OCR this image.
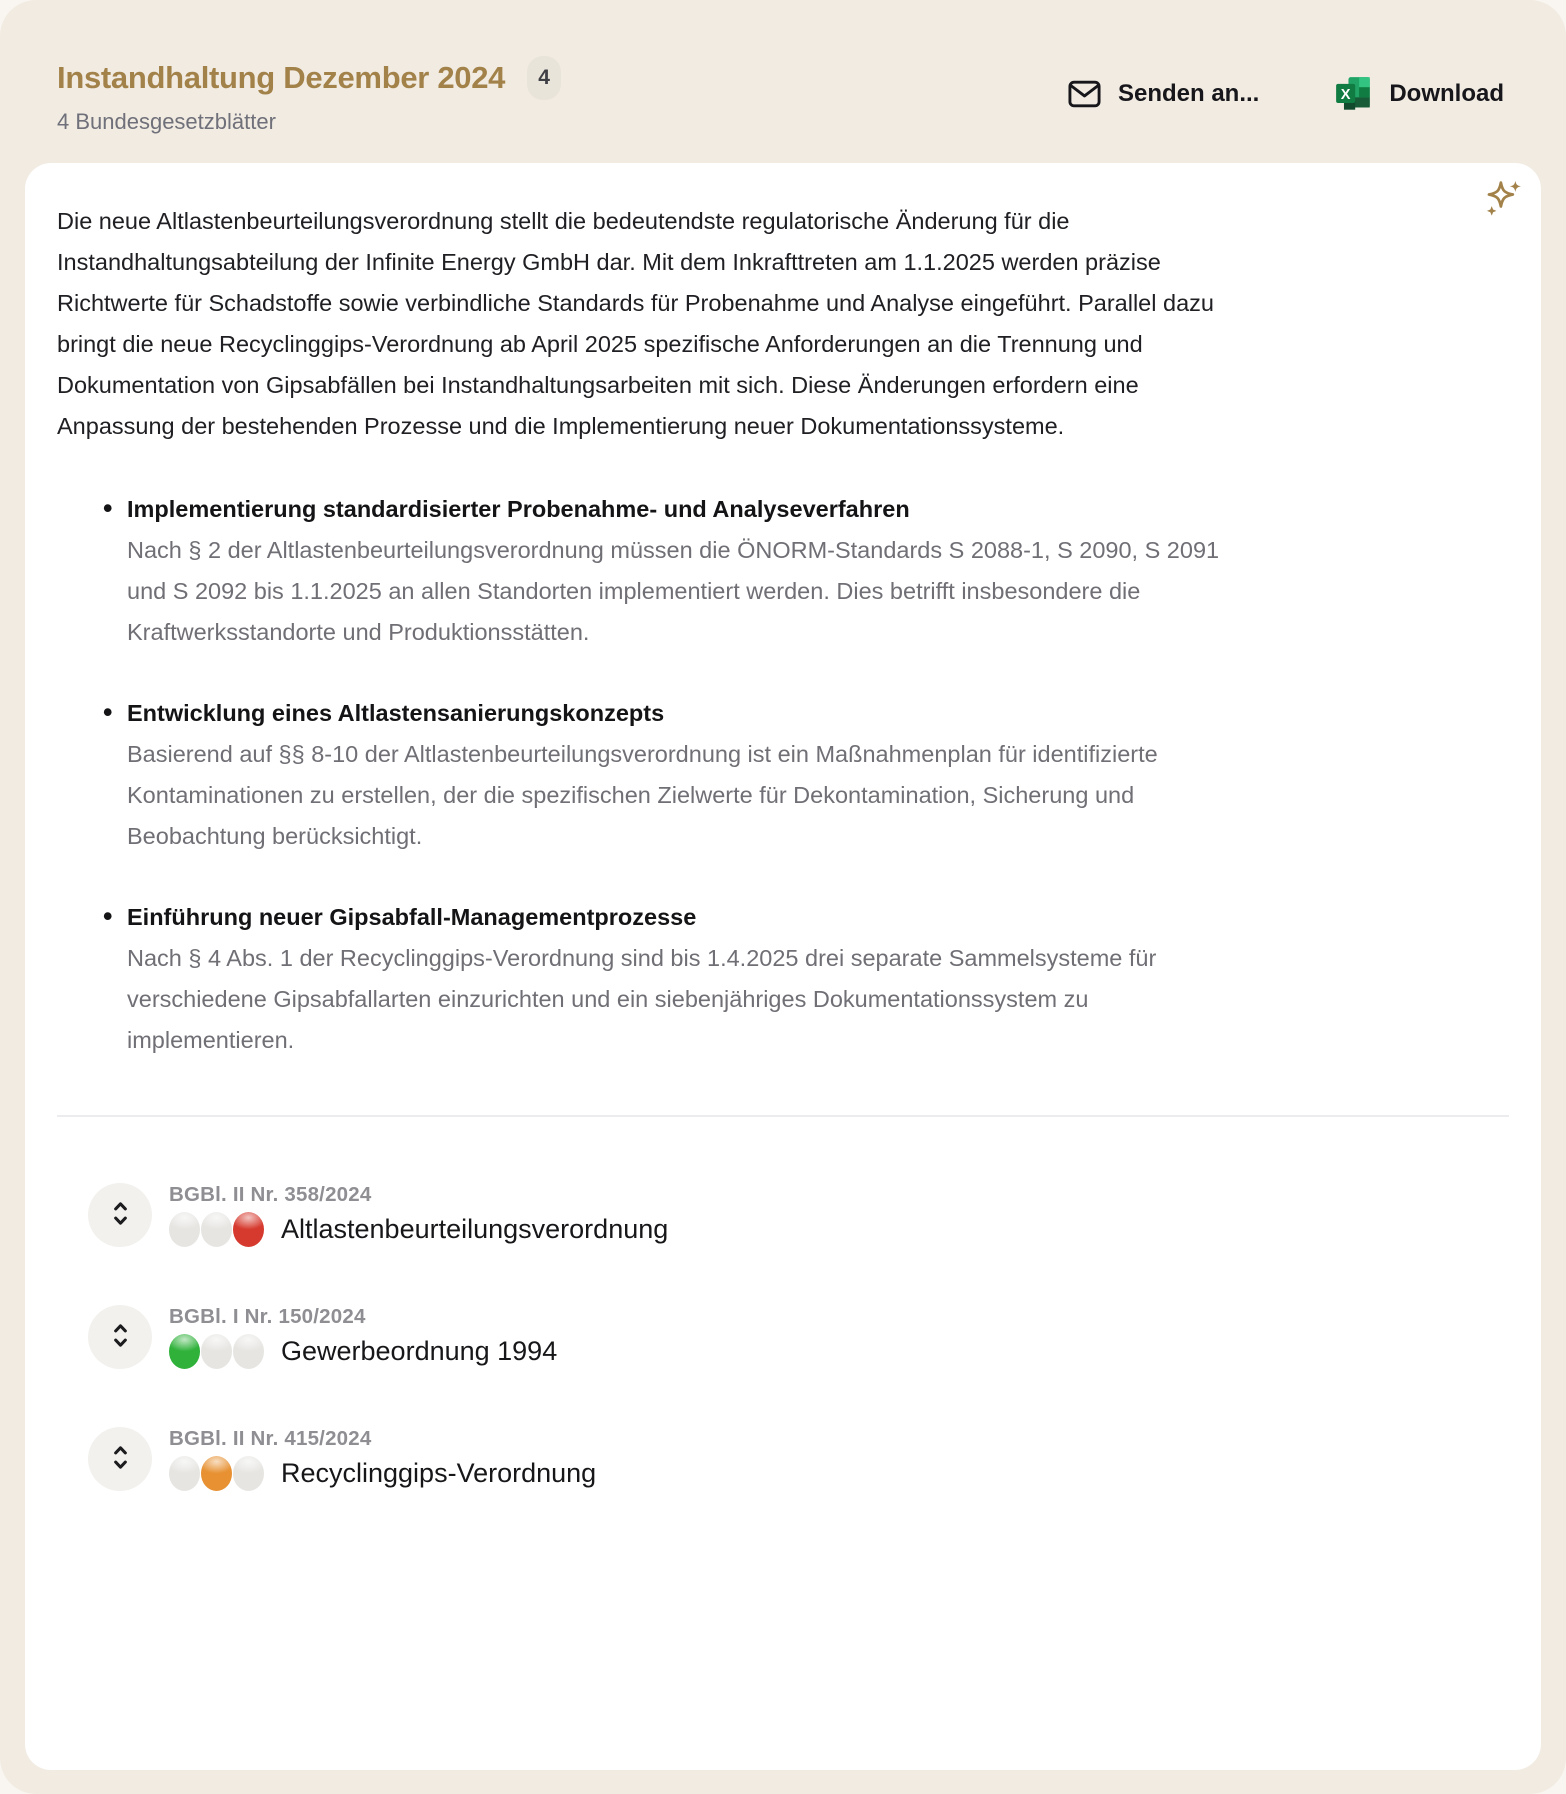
Instandhaltung Dezember 2024	4
4 Bundesgesetzblätter
Senden an...	X Download

Die neue Altlastenbeurteilungsverordnung stellt die bedeutendste regulatorische Änderung für die Instandhaltungsabteilung der Infinite Energy GmbH dar. Mit dem Inkrafttreten am 1.1.2025 werden präzise Richtwerte für Schadstoffe sowie verbindliche Standards für Probenahme und Analyse eingeführt. Parallel dazu bringt die neue Recyclinggips-Verordnung ab April 2025 spezifische Anforderungen an die Trennung und Dokumentation von Gipsabfällen bei Instandhaltungsarbeiten mit sich. Diese Änderungen erfordern eine Anpassung der bestehenden Prozesse und die Implementierung neuer Dokumentationssysteme.

• Implementierung standardisierter Probenahme- und Analyseverfahren
Nach § 2 der Altlastenbeurteilungsverordnung müssen die ÖNORM-Standards S 2088-1, S 2090, S 2091 und S 2092 bis 1.1.2025 an allen Standorten implementiert werden. Dies betrifft insbesondere die Kraftwerksstandorte und Produktionsstätten.
• Entwicklung eines Altlastensanierungskonzepts
Basierend auf §§ 8-10 der Altlastenbeurteilungsverordnung ist ein Maßnahmenplan für identifizierte Kontaminationen zu erstellen, der die spezifischen Zielwerte für Dekontamination, Sicherung und Beobachtung berücksichtigt.
• Einführung neuer Gipsabfall-Managementprozesse
Nach § 4 Abs. 1 der Recyclinggips-Verordnung sind bis 1.4.2025 drei separate Sammelsysteme für verschiedene Gipsabfallarten einzurichten und ein siebenjähriges Dokumentationssystem zu implementieren.
BGBl. II Nr. 358/2024
Altlastenbeurteilungsverordnung
BGBl. I Nr. 150/2024
Gewerbeordnung 1994
BGBl. II Nr. 415/2024
Recyclinggips-Verordnung
